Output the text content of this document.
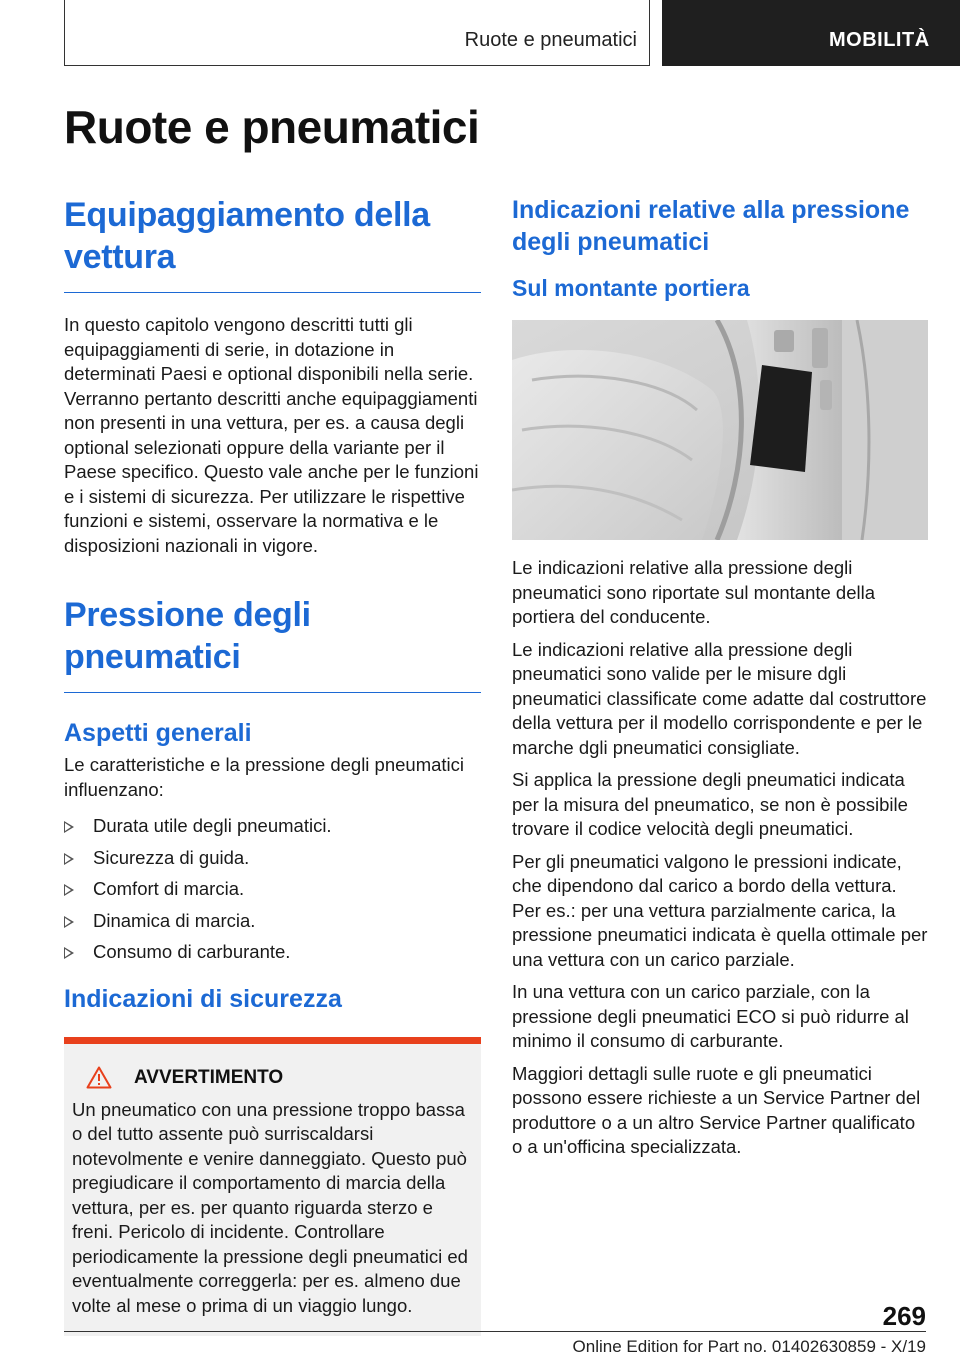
Ruote e pneumatici	MOBILITÀ
Ruote e pneumatici
Equipaggiamento della vettura

In questo capitolo vengono descritti tutti gli equipaggiamenti di serie, in dotazione in determinati Paesi e optional disponibili nella serie. Verranno pertanto descritti anche equipaggiamenti non presenti in una vettura, per es. a causa degli optional selezionati oppure della variante per il Paese specifico. Questo vale anche per le funzioni e i sistemi di sicurezza. Per utilizzare le rispettive funzioni e sistemi, osservare la normativa e le disposizioni nazionali in vigore.

Pressione degli pneumatici
Aspetti generali

Le caratteristiche e la pressione degli pneumatici influenzano:

Durata utile degli pneumatici.
Sicurezza di guida.
Comfort di marcia.
Dinamica di marcia.
Consumo di carburante.
Indicazioni di sicurezza
AVVERTIMENTO

Un pneumatico con una pressione troppo bassa o del tutto assente può surriscaldarsi notevolmente e venire danneggiato. Questo può pregiudicare il comportamento di marcia della vettura, per es. per quanto riguarda sterzo e freni. Pericolo di incidente. Controllare periodicamente la pressione degli pneumatici ed eventualmente correggerla: per es. almeno due volte al mese o prima di un viaggio lungo.

Indicazioni relative alla pressione degli pneumatici
Sul montante portiera

Le indicazioni relative alla pressione degli pneumatici sono riportate sul montante della portiera del conducente.

Le indicazioni relative alla pressione degli pneumatici sono valide per le misure dgli pneumatici classificate come adatte dal costruttore della vettura per il modello corrispondente e per le marche dgli pneumatici consigliate.

Si applica la pressione degli pneumatici indicata per la misura del pneumatico, se non è possibile trovare il codice velocità degli pneumatici.

Per gli pneumatici valgono le pressioni indicate, che dipendono dal carico a bordo della vettura. Per es.: per una vettura parzialmente carica, la pressione pneumatici indicata è quella ottimale per una vettura con un carico parziale.

In una vettura con un carico parziale, con la pressione degli pneumatici ECO si può ridurre al minimo il consumo di carburante.

Maggiori dettagli sulle ruote e gli pneumatici possono essere richieste a un Service Partner del produttore o a un altro Service Partner qualificato o a un'officina specializzata.

269
Online Edition for Part no. 01402630859 - X/19
